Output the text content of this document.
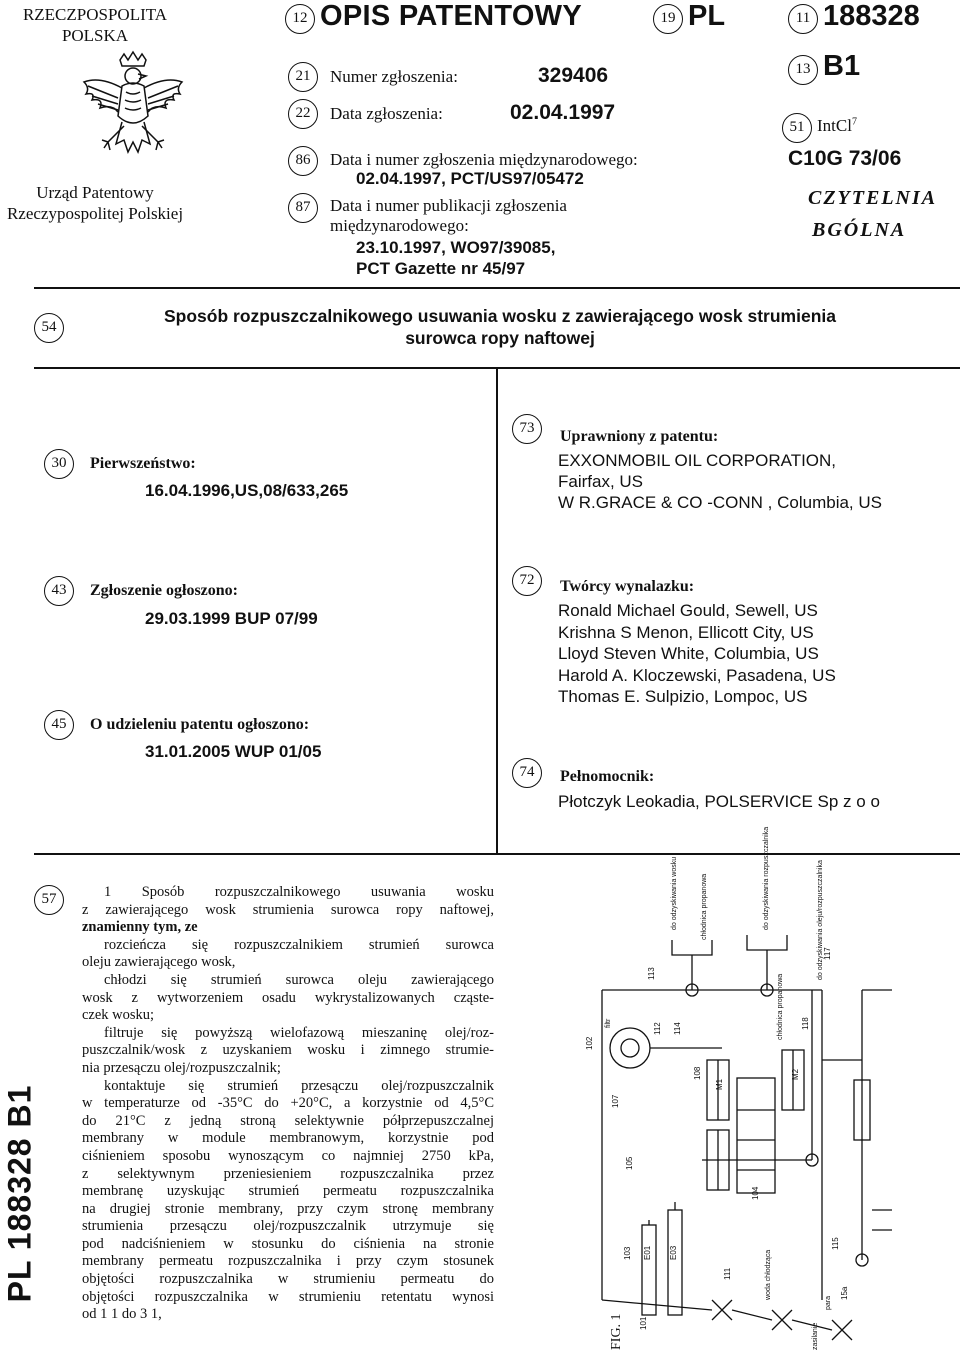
RZECZPOSPOLITA
POLSKA
Urząd Patentowy
Rzeczypospolitej Polskiej
12 OPIS PATENTOWY	19 PL	11 188328
13 B1
51 IntCl$^7$
C10G 73/06
CZYTELNIA
BGÓLNA
21	Numer zgłoszenia:	329406
22	Data zgłoszenia:	02.04.1997
86	Data i numer zgłoszenia międzynarodowego:
02.04.1997, PCT/US97/05472
87	Data i numer publikacji zgłoszenia
międzynarodowego:
23.10.1997, WO97/39085,
PCT Gazette nr 45/97
54
Sposób rozpuszczalnikowego usuwania wosku z zawierającego wosk strumienia
surowca ropy naftowej
30	Pierwszeństwo:
16.04.1996,US,08/633,265
43	Zgłoszenie ogłoszono:
29.03.1999 BUP 07/99
45	O udzieleniu patentu ogłoszono:
31.01.2005 WUP 01/05
73	Uprawniony z patentu:
EXXONMOBIL OIL CORPORATION,
Fairfax, US
W R.GRACE & CO -CONN , Columbia, US
72	Twórcy wynalazku:
Ronald Michael Gould, Sewell, US
Krishna S Menon, Ellicott City, US
Lloyd Steven White, Columbia, US
Harold A. Kloczewski, Pasadena, US
Thomas E. Sulpizio, Lompoc, US
74	Pełnomocnik:
Płotczyk Leokadia, POLSERVICE Sp z o o
PL 188328 B1
57	1 Sposób rozpuszczalnikowego usuwania wosku
z zawierającego wosk strumienia surowca ropy naftowej,
znamienny tym, ze
rozcieńcza się rozpuszczalnikiem strumień surowca
oleju zawierającego wosk,
chłodzi się strumień surowca oleju zawierającego
wosk z wytworzeniem osadu wykrystalizowanych cząste-
czek wosku;
filtruje się powyższą wielofazową mieszaninę olej/roz-
puszczalnik/wosk z uzyskaniem wosku i zimnego strumie-
nia przesączu olej/rozpuszczalnik;
kontaktuje się strumień przesączu olej/rozpuszczalnik
w temperaturze od -35°C do +20°C, a korzystnie od 4,5°C
do 21°C z jedną stroną selektywnie półprzepuszczalnej
membrany w module membranowym, korzystnie pod
ciśnieniem sposobu wynoszącym co najmniej 2750 kPa,
z selektywnym przeniesieniem rozpuszczalnika przez
membranę uzyskując strumień permeatu rozpuszczalnika
na drugiej stronie membrany, przy czym stronę membrany
strumienia przesączu olej/rozpuszczalnik utrzymuje się
pod nadciśnieniem w stosunku do ciśnienia na stronie
membrany permeatu rozpuszczalnika i przy czym stosunek
objętości rozpuszczalnika w strumieniu permeatu do
objętości rozpuszczalnika w strumieniu retentatu wynosi
od 1 1 do 3 1,
filtr
do odzyskiwania wosku	chłodnica propanowa	do odzyskiwania rozpuszczalnika
chłodnica propanowa
do odzyskiwania oleju/rozpuszczalnika
woda chłodząca
para
zasilanie
113
112 114
102
107
105
103
101
108
111
104
118
117
15a
115
M1
M2
E01 E03
FIG. 1
